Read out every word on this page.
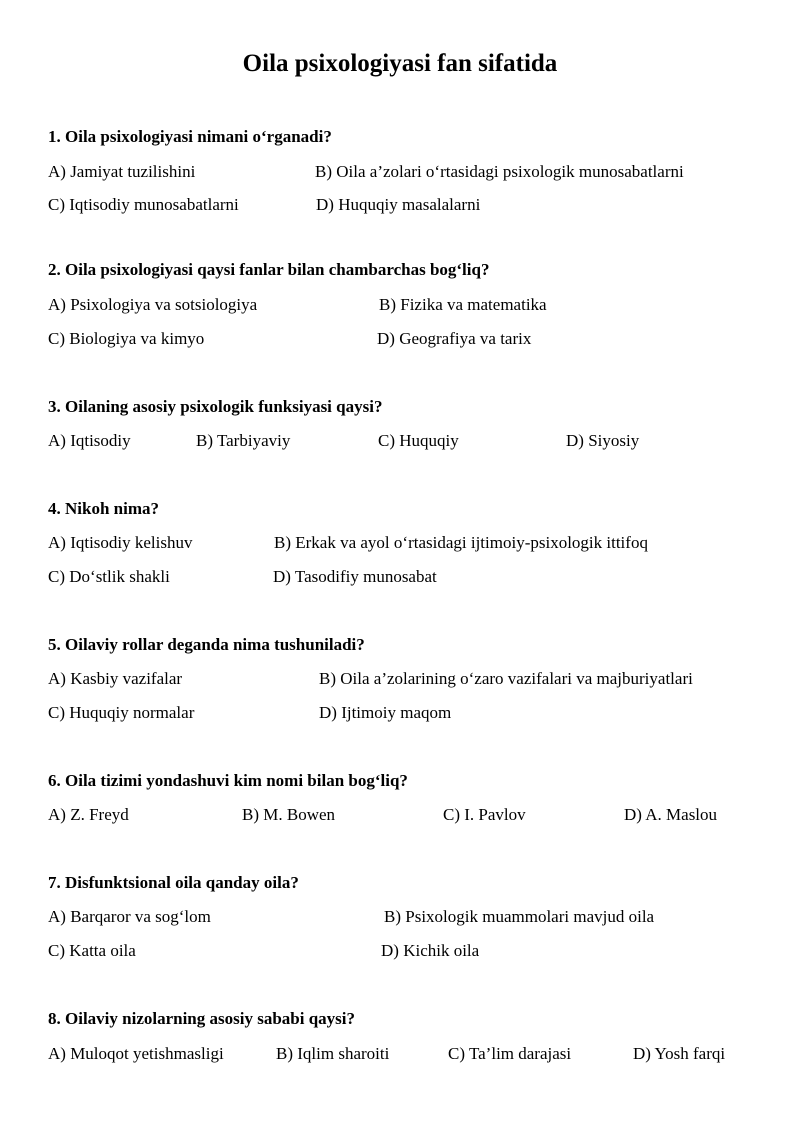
Oila psixologiyasi fan sifatida
1. Oila psixologiyasi nimani o‘rganadi?
A) Jamiyat tuzilishini	B) Oila a’zolari o‘rtasidagi psixologik munosabatlarni
C) Iqtisodiy munosabatlarni	D) Huquqiy masalalarni
2. Oila psixologiyasi qaysi fanlar bilan chambarchas bog‘liq?
A) Psixologiya va sotsiologiya	B) Fizika va matematika
C) Biologiya va kimyo	D) Geografiya va tarix
3. Oilaning asosiy psixologik funksiyasi qaysi?
A) Iqtisodiy	B) Tarbiyaviy	C) Huquqiy	D) Siyosiy
4. Nikoh nima?
A) Iqtisodiy kelishuv	B) Erkak va ayol o‘rtasidagi ijtimoiy-psixologik ittifoq
C) Do‘stlik shakli	D) Tasodifiy munosabat
5. Oilaviy rollar deganda nima tushuniladi?
A) Kasbiy vazifalar	B) Oila a’zolarining o‘zaro vazifalari va majburiyatlari
C) Huquqiy normalar	D) Ijtimoiy maqom
6. Oila tizimi yondashuvi kim nomi bilan bog‘liq?
A) Z. Freyd	B) M. Bowen	C) I. Pavlov	D) A. Maslou
7. Disfunktsional oila qanday oila?
A) Barqaror va sog‘lom	B) Psixologik muammolari mavjud oila
C) Katta oila	D) Kichik oila
8. Oilaviy nizolarning asosiy sababi qaysi?
A) Muloqot yetishmasligi	B) Iqlim sharoiti	C) Ta’lim darajasi	D) Yosh farqi
